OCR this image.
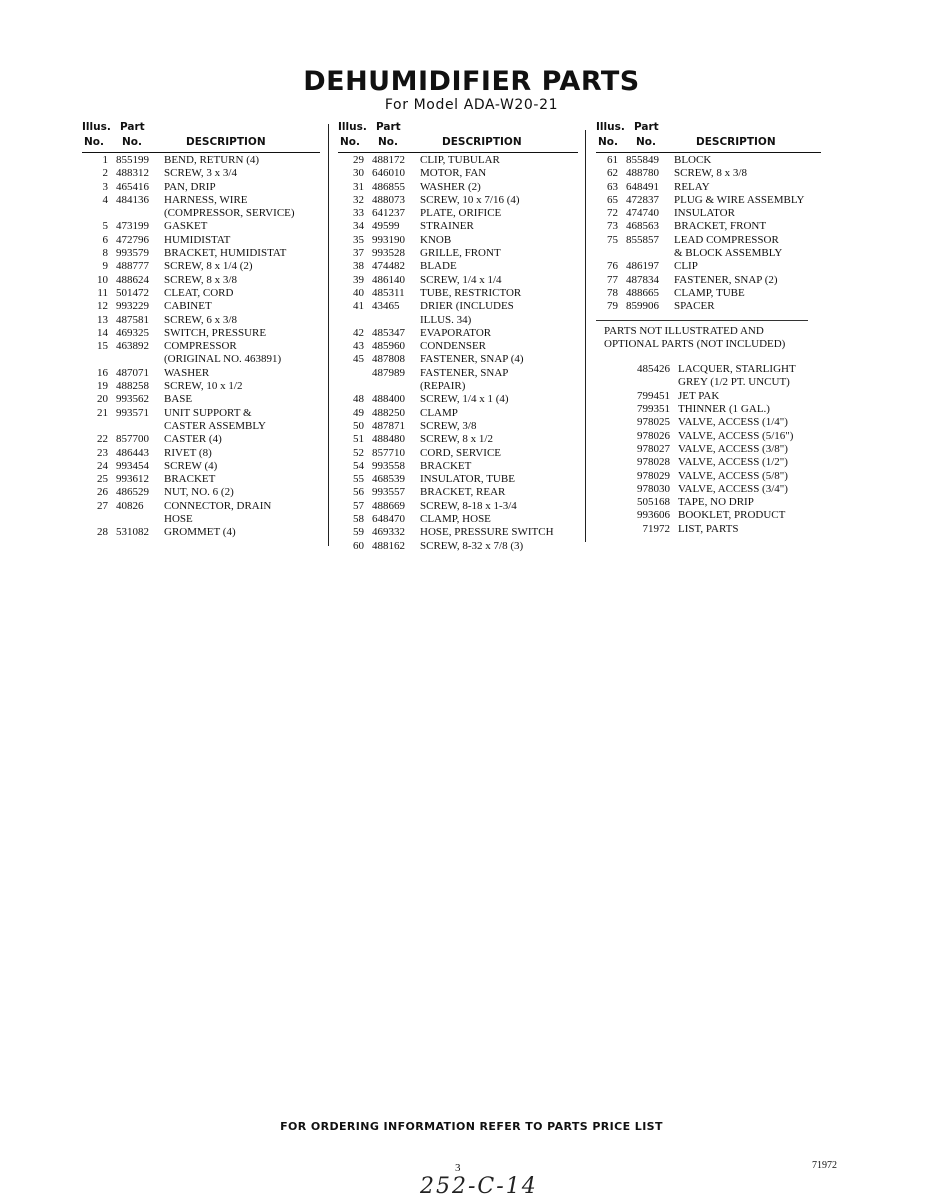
DEHUMIDIFIER PARTS
For Model ADA-W20-21
Illus. Part
No. No.	DESCRIPTION
1 855199	BEND, RETURN (4)
2 488312	SCREW, 3 x 3/4
3 465416	PAN, DRIP
4 484136	HARNESS, WIRE
(COMPRESSOR, SERVICE)
5 473199	GASKET
6 472796	HUMIDISTAT
8 993579	BRACKET, HUMIDISTAT
9 488777	SCREW, 8 x 1/4 (2)
10 488624	SCREW, 8 x 3/8
11 501472	CLEAT, CORD
12 993229	CABINET
13 487581	SCREW, 6 x 3/8
14 469325	SWITCH, PRESSURE
15 463892	COMPRESSOR
(ORIGINAL NO. 463891)
16 487071	WASHER
19 488258	SCREW, 10 x 1/2
20 993562	BASE
21 993571	UNIT SUPPORT &
CASTER ASSEMBLY
22 857700	CASTER (4)
23 486443	RIVET (8)
24 993454	SCREW (4)
25 993612	BRACKET
26 486529	NUT, NO. 6 (2)
27 40826	CONNECTOR, DRAIN
HOSE
28 531082	GROMMET (4)
Illus. Part
No. No.	DESCRIPTION
29 488172	CLIP, TUBULAR
30 646010	MOTOR, FAN
31 486855	WASHER (2)
32 488073	SCREW, 10 x 7/16 (4)
33 641237	PLATE, ORIFICE
34 49599	STRAINER
35 993190	KNOB
37 993528	GRILLE, FRONT
38 474482	BLADE
39 486140	SCREW, 1/4 x 1/4
40 485311	TUBE, RESTRICTOR
41 43465	DRIER (INCLUDES
ILLUS. 34)
42 485347	EVAPORATOR
43 485960	CONDENSER
45 487808	FASTENER, SNAP (4)
487989	FASTENER, SNAP
(REPAIR)
48 488400	SCREW, 1/4 x 1 (4)
49 488250	CLAMP
50 487871	SCREW, 3/8
51 488480	SCREW, 8 x 1/2
52 857710	CORD, SERVICE
54 993558	BRACKET
55 468539	INSULATOR, TUBE
56 993557	BRACKET, REAR
57 488669	SCREW, 8-18 x 1-3/4
58 648470	CLAMP, HOSE
59 469332	HOSE, PRESSURE SWITCH
60 488162	SCREW, 8-32 x 7/8 (3)
Illus. Part
No. No.	DESCRIPTION
61 855849	BLOCK
62 488780	SCREW, 8 x 3/8
63 648491	RELAY
65 472837	PLUG & WIRE ASSEMBLY
72 474740	INSULATOR
73 468563	BRACKET, FRONT
75 855857	LEAD COMPRESSOR
& BLOCK ASSEMBLY
76 486197	CLIP
77 487834	FASTENER, SNAP (2)
78 488665	CLAMP, TUBE
79 859906	SPACER
PARTS NOT ILLUSTRATED AND
OPTIONAL PARTS (NOT INCLUDED)
485426 LACQUER, STARLIGHT
GREY (1/2 PT. UNCUT)
799451 JET PAK
799351 THINNER (1 GAL.)
978025 VALVE, ACCESS (1/4")
978026 VALVE, ACCESS (5/16")
978027 VALVE, ACCESS (3/8")
978028 VALVE, ACCESS (1/2")
978029 VALVE, ACCESS (5/8")
978030 VALVE, ACCESS (3/4")
505168 TAPE, NO DRIP
993606 BOOKLET, PRODUCT
71972 LIST, PARTS
FOR ORDERING INFORMATION REFER TO PARTS PRICE LIST
3	71972
252-C-14
